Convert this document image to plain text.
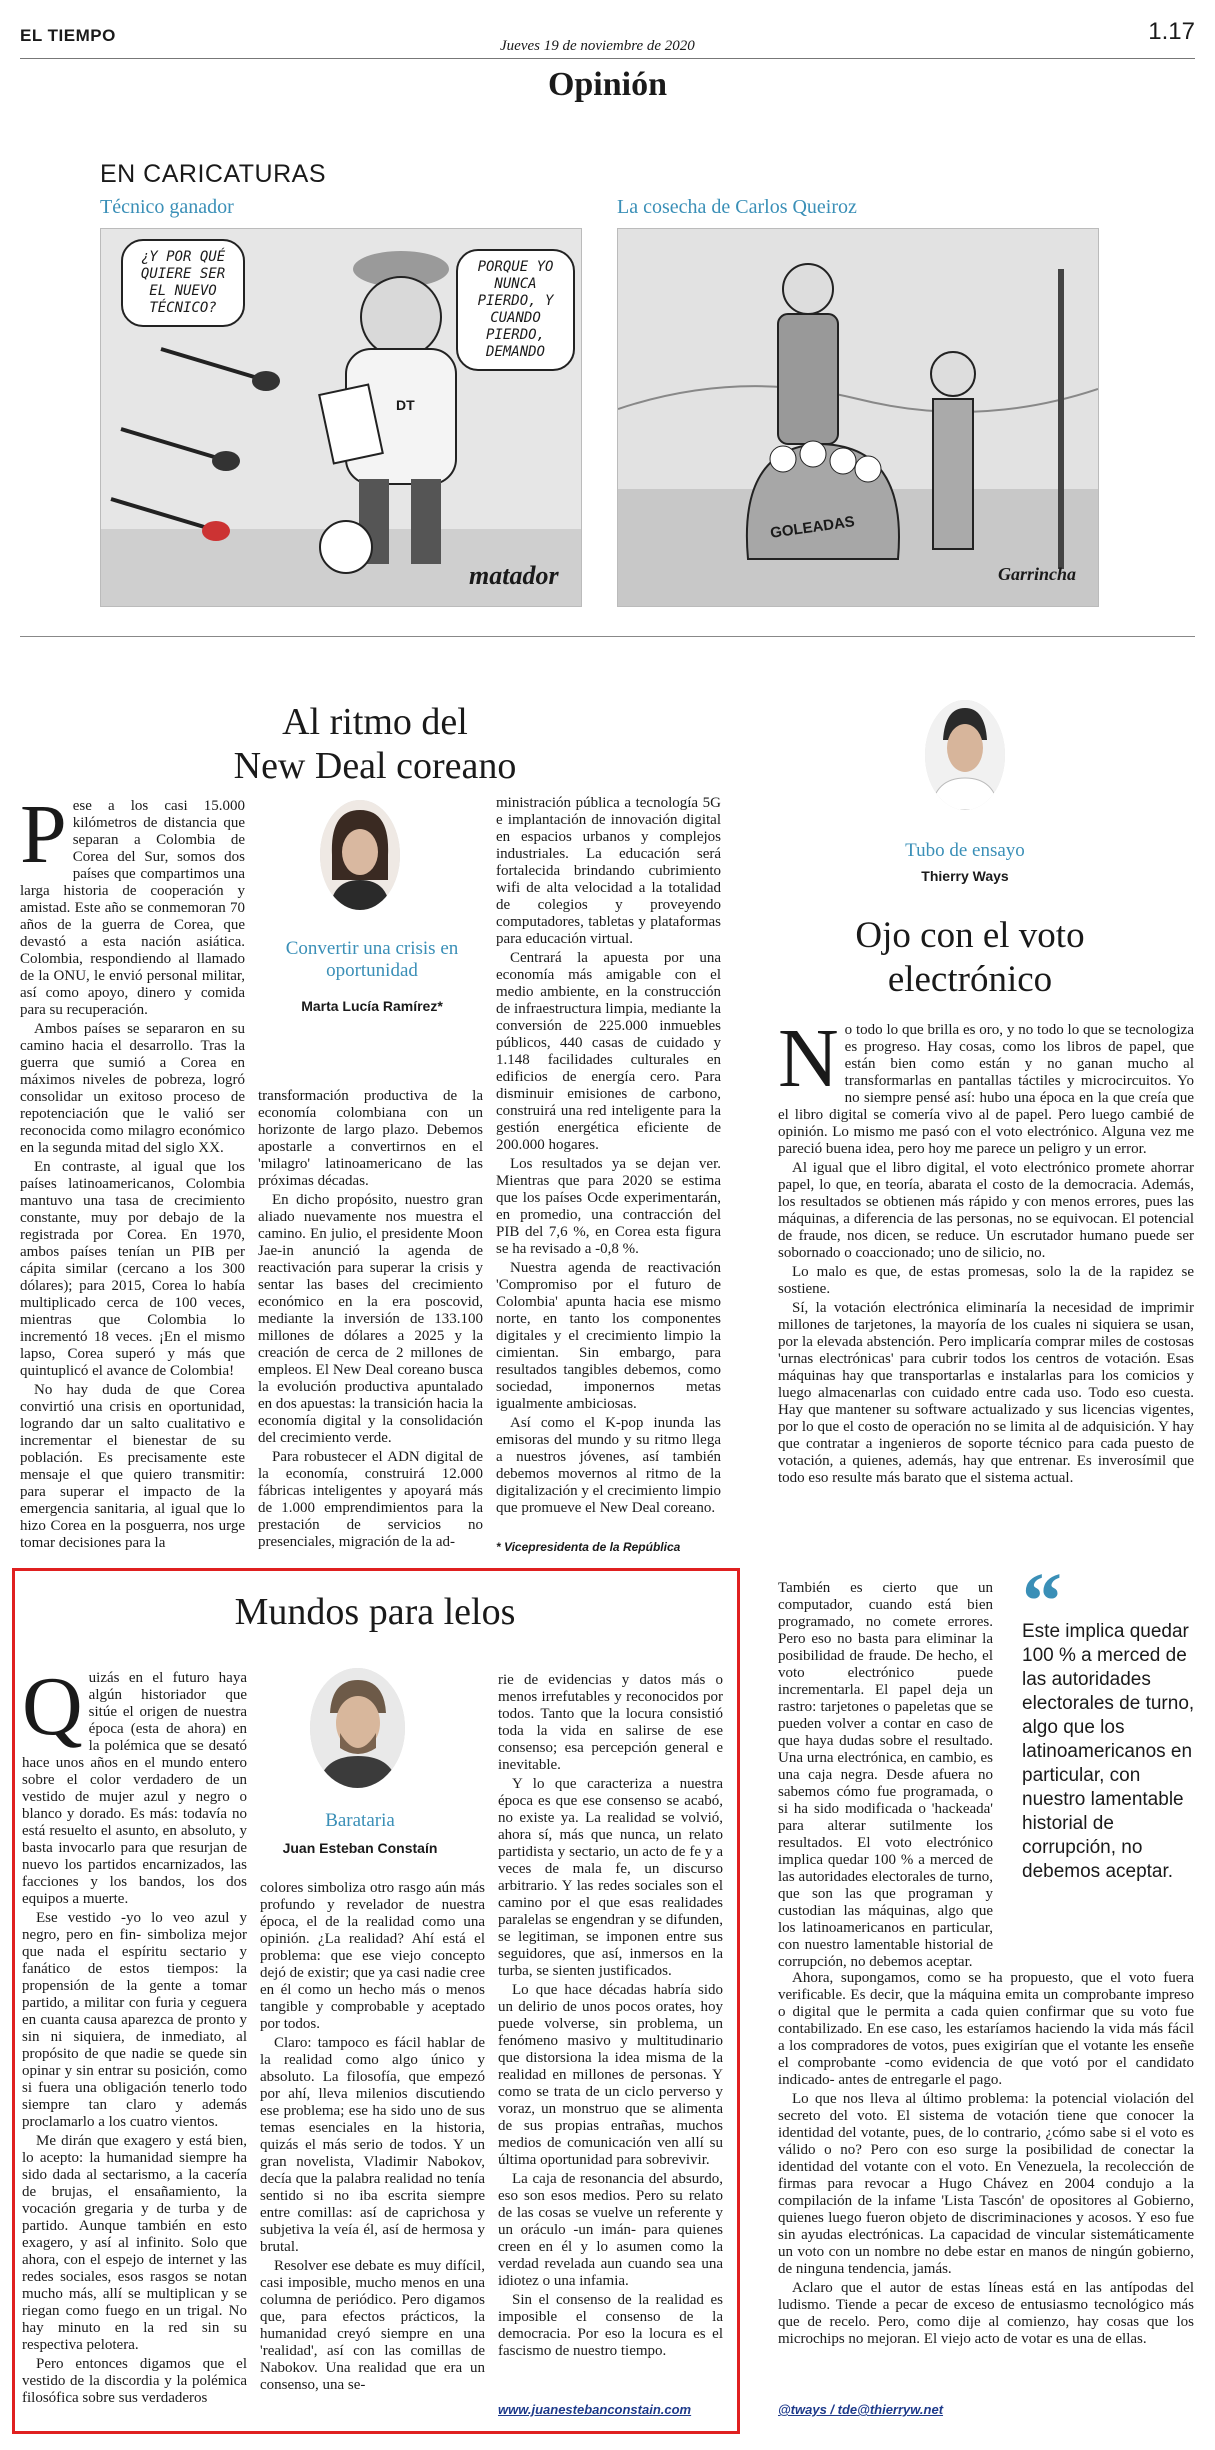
EL TIEMPO
Jueves 19 de noviembre de 2020
1.17
Opinión
EN CARICATURAS
Técnico ganador	La cosecha de Carlos Queiroz
¿Y POR QUÉ QUIERE SER EL NUEVO TÉCNICO?
PORQUE YO NUNCA PIERDO, Y CUANDO PIERDO, DEMANDO
DT
matador
GOLEADAS
Garrincha
Al ritmo del
New Deal coreano
Convertir una crisis en oportunidad
Marta Lucía Ramírez*
P ese a los casi 15.000 kilómetros de distancia que separan a Colombia de Corea del Sur, somos dos países que compartimos una larga historia de cooperación y amistad. Este año se conmemoran 70 años de la guerra de Corea, que devastó a esta nación asiática. Colombia, respondiendo al llamado de la ONU, le envió personal militar, así como apoyo, dinero y comida para su recuperación.

Ambos países se separaron en su camino hacia el desarrollo. Tras la guerra que sumió a Corea en máximos niveles de pobreza, logró consolidar un exitoso proceso de repotenciación que le valió ser reconocida como milagro económico en la segunda mitad del siglo XX.

En contraste, al igual que los países latinoamericanos, Colombia mantuvo una tasa de crecimiento constante, muy por debajo de la registrada por Corea. En 1970, ambos países tenían un PIB per cápita similar (cercano a los 300 dólares); para 2015, Corea lo había multiplicado cerca de 100 veces, mientras que Colombia lo incrementó 18 veces. ¡En el mismo lapso, Corea superó y más que quintuplicó el avance de Colombia!

No hay duda de que Corea convirtió una crisis en oportunidad, logrando dar un salto cualitativo e incrementar el bienestar de su población. Es precisamente este mensaje el que quiero transmitir: para superar el impacto de la emergencia sanitaria, al igual que lo hizo Corea en la posguerra, nos urge tomar decisiones para la

transformación productiva de la economía colombiana con un horizonte de largo plazo. Debemos apostarle a convertirnos en el 'milagro' latinoamericano de las próximas décadas.

En dicho propósito, nuestro gran aliado nuevamente nos muestra el camino. En julio, el presidente Moon Jae-in anunció la agenda de reactivación para superar la crisis y sentar las bases del crecimiento económico en la era poscovid, mediante la inversión de 133.100 millones de dólares a 2025 y la creación de cerca de 2 millones de empleos. El New Deal coreano busca la evolución productiva apuntalado en dos apuestas: la transición hacia la economía digital y la consolidación del crecimiento verde.

Para robustecer el ADN digital de la economía, construirá 12.000 fábricas inteligentes y apoyará más de 1.000 emprendimientos para la prestación de servicios no presenciales, migración de la ad-

ministración pública a tecnología 5G e implantación de innovación digital en espacios urbanos y complejos industriales. La educación será fortalecida brindando cubrimiento wifi de alta velocidad a la totalidad de colegios y proveyendo computadores, tabletas y plataformas para educación virtual.

Centrará la apuesta por una economía más amigable con el medio ambiente, en la construcción de infraestructura limpia, mediante la conversión de 225.000 inmuebles públicos, 440 casas de cuidado y 1.148 facilidades culturales en edificios de energía cero. Para disminuir emisiones de carbono, construirá una red inteligente para la gestión energética eficiente de 200.000 hogares.

Los resultados ya se dejan ver. Mientras que para 2020 se estima que los países Ocde experimentarán, en promedio, una contracción del PIB del 7,6 %, en Corea esta figura se ha revisado a -0,8 %.

Nuestra agenda de reactivación 'Compromiso por el futuro de Colombia' apunta hacia ese mismo norte, en tanto los componentes digitales y el crecimiento limpio la cimientan. Sin embargo, para resultados tangibles debemos, como sociedad, imponernos metas igualmente ambiciosas.

Así como el K-pop inunda las emisoras del mundo y su ritmo llega a nuestros jóvenes, así también debemos movernos al ritmo de la digitalización y el crecimiento limpio que promueve el New Deal coreano.

* Vicepresidenta de la República
Mundos para lelos
Barataria
Juan Esteban Constaín
Q uizás en el futuro haya algún historiador que sitúe el origen de nuestra época (esta de ahora) en la polémica que se desató hace unos años en el mundo entero sobre el color verdadero de un vestido de mujer azul y negro o blanco y dorado. Es más: todavía no está resuelto el asunto, en absoluto, y basta invocarlo para que resurjan de nuevo los partidos encarnizados, las facciones y los bandos, los dos equipos a muerte.

Ese vestido -yo lo veo azul y negro, pero en fin- simboliza mejor que nada el espíritu sectario y fanático de estos tiempos: la propensión de la gente a tomar partido, a militar con furia y ceguera en cuanta causa aparezca de pronto y sin ni siquiera, de inmediato, al propósito de que nadie se quede sin opinar y sin entrar su posición, como si fuera una obligación tenerlo todo siempre tan claro y además proclamarlo a los cuatro vientos.

Me dirán que exagero y está bien, lo acepto: la humanidad siempre ha sido dada al sectarismo, a la cacería de brujas, el ensañamiento, la vocación gregaria y de turba y de partido. Aunque también en esto exagero, y así al infinito. Solo que ahora, con el espejo de internet y las redes sociales, esos rasgos se notan mucho más, allí se multiplican y se riegan como fuego en un trigal. No hay minuto en la red sin su respectiva pelotera.

Pero entonces digamos que el vestido de la discordia y la polémica filosófica sobre sus verdaderos

colores simboliza otro rasgo aún más profundo y revelador de nuestra época, el de la realidad como una opinión. ¿La realidad? Ahí está el problema: que ese viejo concepto dejó de existir; que ya casi nadie cree en él como un hecho más o menos tangible y comprobable y aceptado por todos.

Claro: tampoco es fácil hablar de la realidad como algo único y absoluto. La filosofía, que empezó por ahí, lleva milenios discutiendo ese problema; ese ha sido uno de sus temas esenciales en la historia, quizás el más serio de todos. Y un gran novelista, Vladimir Nabokov, decía que la palabra realidad no tenía sentido si no iba escrita siempre entre comillas: así de caprichosa y subjetiva la veía él, así de hermosa y brutal.

Resolver ese debate es muy difícil, casi imposible, mucho menos en una columna de periódico. Pero digamos que, para efectos prácticos, la humanidad creyó siempre en una 'realidad', así con las comillas de Nabokov. Una realidad que era un consenso, una se-

rie de evidencias y datos más o menos irrefutables y reconocidos por todos. Tanto que la locura consistió toda la vida en salirse de ese consenso; esa percepción general e inevitable.

Y lo que caracteriza a nuestra época es que ese consenso se acabó, no existe ya. La realidad se volvió, ahora sí, más que nunca, un relato partidista y sectario, un acto de fe y a veces de mala fe, un discurso arbitrario. Y las redes sociales son el camino por el que esas realidades paralelas se engendran y se difunden, se legitiman, se imponen entre sus seguidores, que así, inmersos en la turba, se sienten justificados.

Lo que hace décadas habría sido un delirio de unos pocos orates, hoy puede volverse, sin problema, un fenómeno masivo y multitudinario que distorsiona la idea misma de la realidad en millones de personas. Y como se trata de un ciclo perverso y voraz, un monstruo que se alimenta de sus propias entrañas, muchos medios de comunicación ven allí su última oportunidad para sobrevivir.

La caja de resonancia del absurdo, eso son esos medios. Pero su relato de las cosas se vuelve un referente y un oráculo -un imán- para quienes creen en él y lo asumen como la verdad revelada aun cuando sea una idiotez o una infamia.

Sin el consenso de la realidad es imposible el consenso de la democracia. Por eso la locura es el fascismo de nuestro tiempo.

www.juanestebanconstain.com
Tubo de ensayo
Thierry Ways
Ojo con el voto
electrónico
N o todo lo que brilla es oro, y no todo lo que se tecnologiza es progreso. Hay cosas, como los libros de papel, que están bien como están y no ganan mucho al transformarlas en pantallas táctiles y microcircuitos. Yo no siempre pensé así: hubo una época en la que creía que el libro digital se comería vivo al de papel. Pero luego cambié de opinión. Lo mismo me pasó con el voto electrónico. Alguna vez me pareció buena idea, pero hoy me parece un peligro y un error.

Al igual que el libro digital, el voto electrónico promete ahorrar papel, lo que, en teoría, abarata el costo de la democracia. Además, los resultados se obtienen más rápido y con menos errores, pues las máquinas, a diferencia de las personas, no se equivocan. El potencial de fraude, nos dicen, se reduce. Un escrutador humano puede ser sobornado o coaccionado; uno de silicio, no.

Lo malo es que, de estas promesas, solo la de la rapidez se sostiene.

Sí, la votación electrónica eliminaría la necesidad de imprimir millones de tarjetones, la mayoría de los cuales ni siquiera se usan, por la elevada abstención. Pero implicaría comprar miles de costosas 'urnas electrónicas' para cubrir todos los centros de votación. Esas máquinas hay que transportarlas e instalarlas para los comicios y luego almacenarlas con cuidado entre cada uso. Todo eso cuesta. Hay que mantener su software actualizado y sus licencias vigentes, por lo que el costo de operación no se limita al de adquisición. Y hay que contratar a ingenieros de soporte técnico para cada puesto de votación, a quienes, además, hay que entrenar. Es inverosímil que todo eso resulte más barato que el sistema actual.

También es cierto que un computador, cuando está bien programado, no comete errores. Pero eso no basta para eliminar la posibilidad de fraude. De hecho, el voto electrónico puede incrementarla. El papel deja un rastro: tarjetones o papeletas que se pueden volver a contar en caso de que haya dudas sobre el resultado. Una urna electrónica, en cambio, es una caja negra. Desde afuera no sabemos cómo fue programada, o si ha sido modificada o 'hackeada' para alterar sutilmente los resultados. El voto electrónico implica quedar 100 % a merced de las autoridades electorales de turno, que son las que programan y custodian las máquinas, algo que los latinoamericanos en particular, con nuestro lamentable historial de corrupción, no debemos aceptar.

“
Este implica quedar 100 % a merced de las autoridades electorales de turno, algo que los latinoamericanos en particular, con nuestro lamentable historial de corrupción, no debemos aceptar.

Ahora, supongamos, como se ha propuesto, que el voto fuera verificable. Es decir, que la máquina emita un comprobante impreso o digital que le permita a cada quien confirmar que su voto fue contabilizado. En ese caso, les estaríamos haciendo la vida más fácil a los compradores de votos, pues exigirían que el votante les enseñe el comprobante -como evidencia de que votó por el candidato indicado- antes de entregarle el pago.

Lo que nos lleva al último problema: la potencial violación del secreto del voto. El sistema de votación tiene que conocer la identidad del votante, pues, de lo contrario, ¿cómo sabe si el voto es válido o no? Pero con eso surge la posibilidad de conectar la identidad del votante con el voto. En Venezuela, la recolección de firmas para revocar a Hugo Chávez en 2004 condujo a la compilación de la infame 'Lista Tascón' de opositores al Gobierno, quienes luego fueron objeto de discriminaciones y acosos. Y eso fue sin ayudas electrónicas. La capacidad de vincular sistemáticamente un voto con un nombre no debe estar en manos de ningún gobierno, de ninguna tendencia, jamás.

Aclaro que el autor de estas líneas está en las antípodas del ludismo. Tiende a pecar de exceso de entusiasmo tecnológico más que de recelo. Pero, como dije al comienzo, hay cosas que los microchips no mejoran. El viejo acto de votar es una de ellas.

@tways / tde@thierryw.net
